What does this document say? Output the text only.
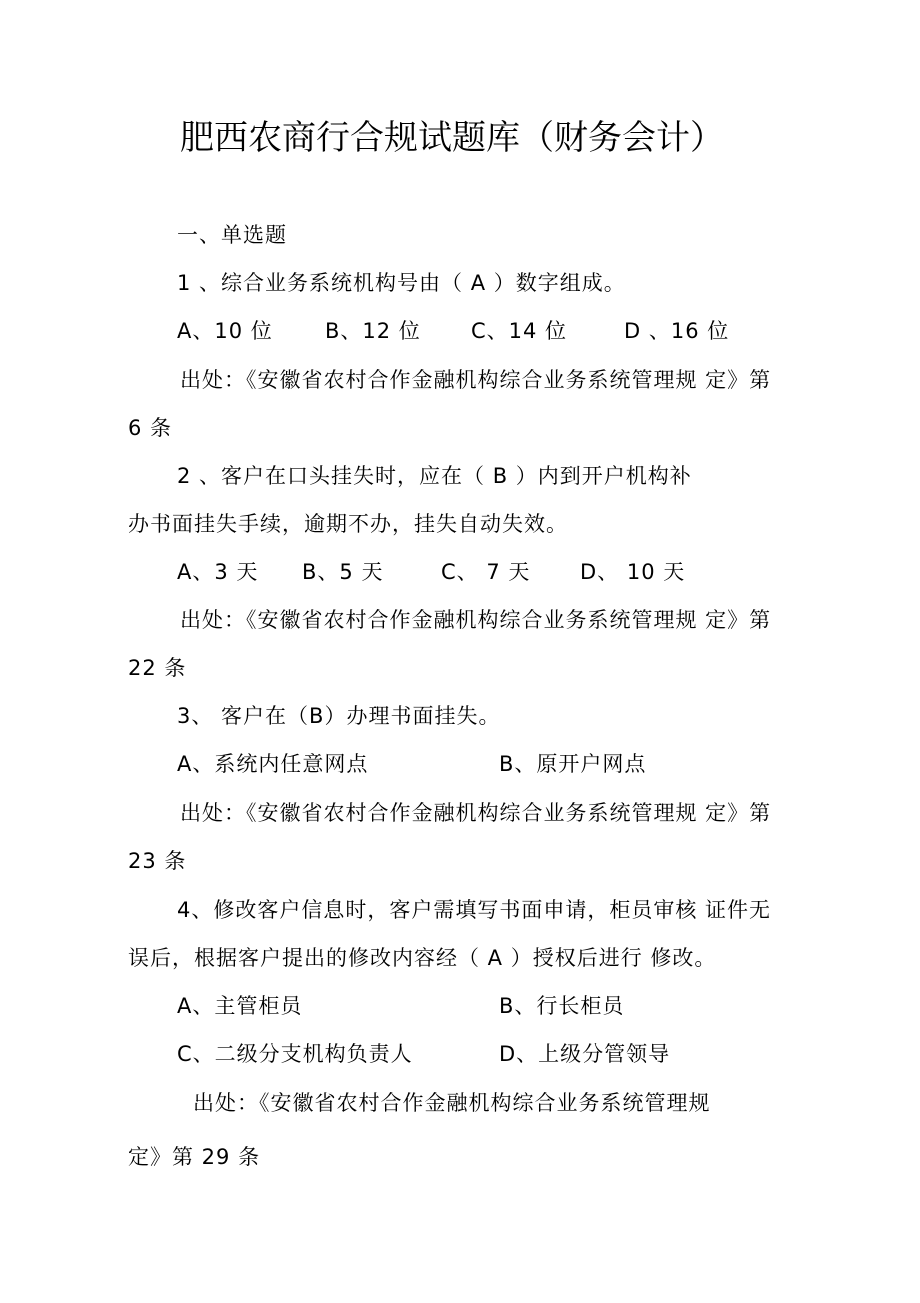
肥西农商行合规试题库（财务会计）
一、单选题
1 、综合业务系统机构号由（ A ）数字组成。
A、10 位 B、12 位 C、14 位	D 、16 位
出处：《安徽省农村合作金融机构综合业务系统管理规 定》第
6 条
2 、客户在口头挂失时，应在（ B ）内到开户机构补
办书面挂失手续，逾期不办，挂失自动失效。
A、3 天 B、5 天	C、 7 天 D、 10 天
出处：《安徽省农村合作金融机构综合业务系统管理规 定》第
22 条
3、 客户在（B）办理书面挂失。
A、系统内任意网点	B、原开户网点
出处：《安徽省农村合作金融机构综合业务系统管理规 定》第
23 条
4、修改客户信息时，客户需填写书面申请，柜员审核 证件无
误后，根据客户提出的修改内容经（ A ）授权后进行 修改。
A、主管柜员	B、行长柜员
C、二级分支机构负责人	D、上级分管领导
出处：《安徽省农村合作金融机构综合业务系统管理规
定》第 29 条
